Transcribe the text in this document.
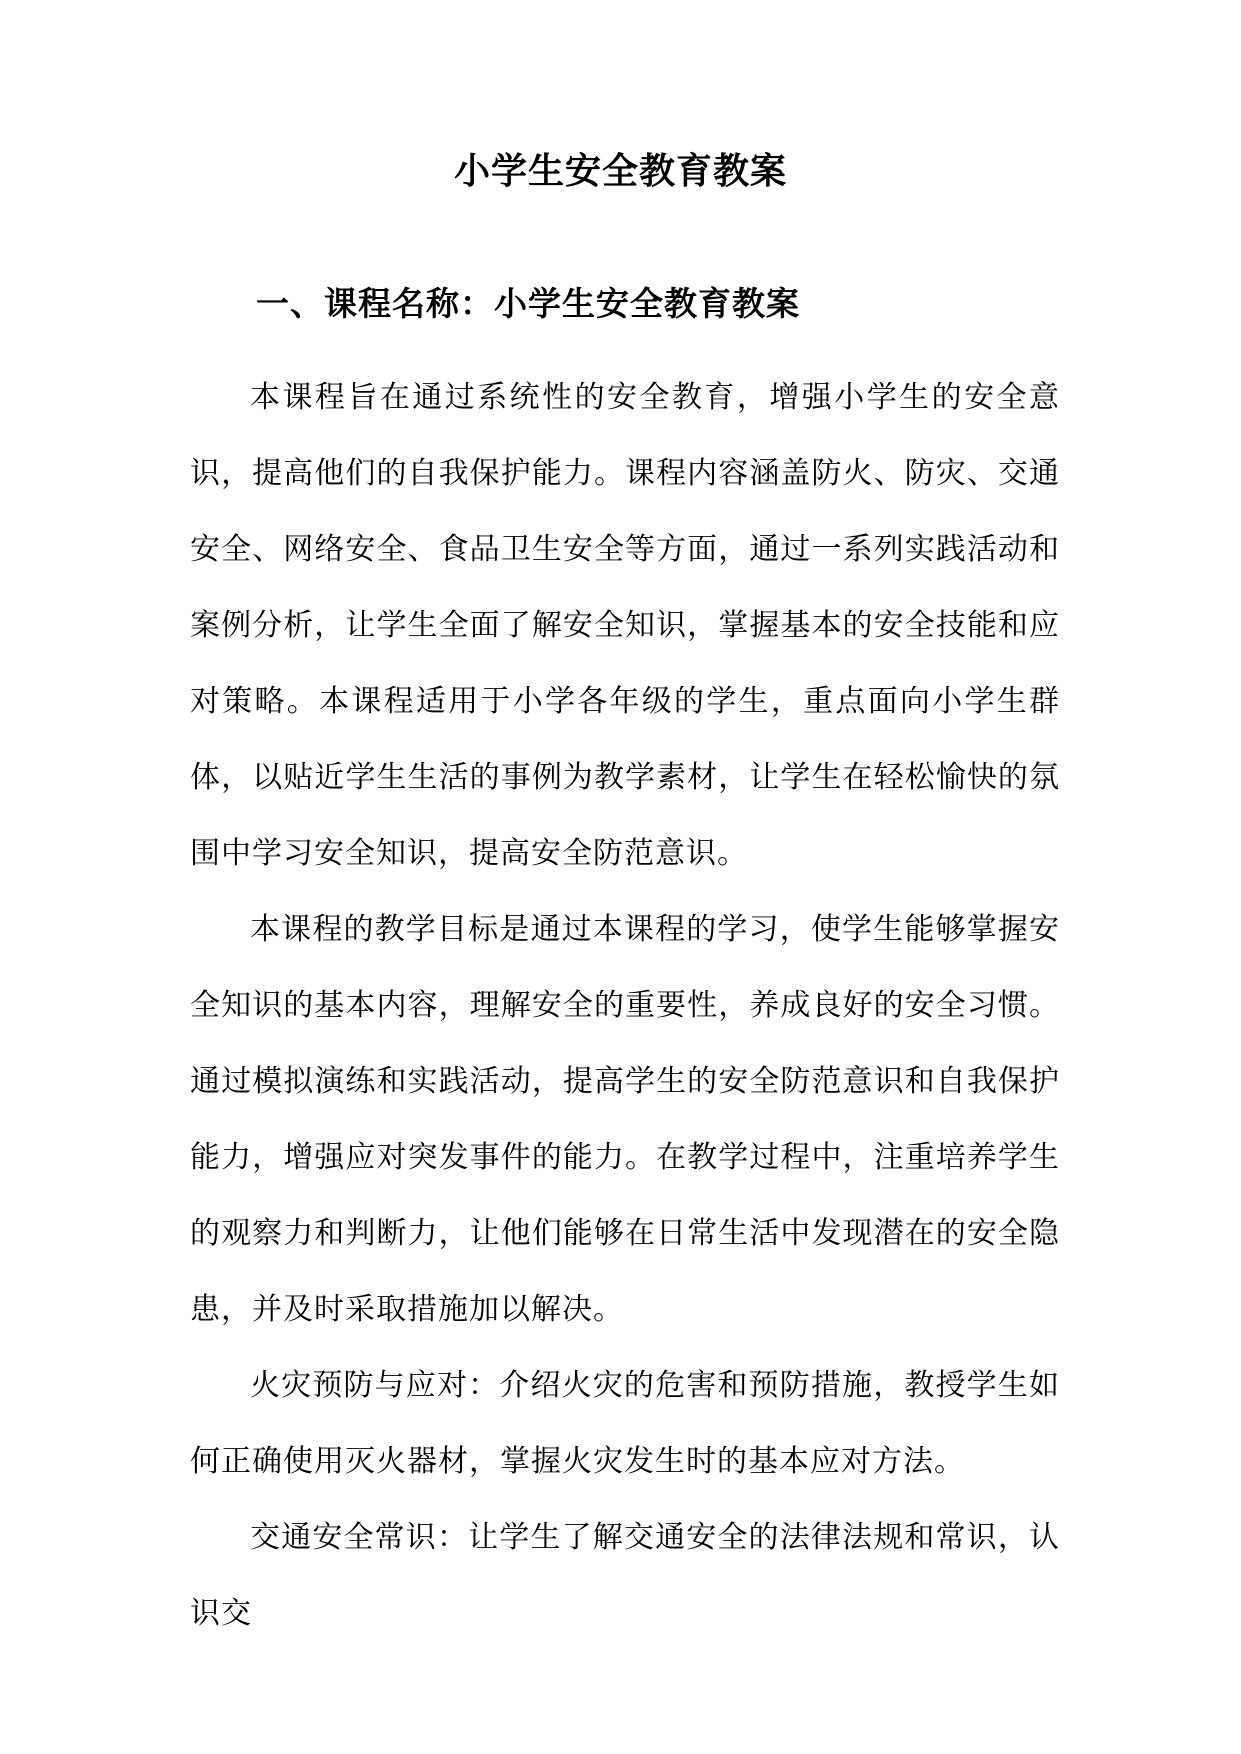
小学生安全教育教案
一、课程名称：小学生安全教育教案

本课程旨在通过系统性的安全教育，增强小学生的安全意识，提高他们的自我保护能力。课程内容涵盖防火、防灾、交通安全、网络安全、食品卫生安全等方面，通过一系列实践活动和案例分析，让学生全面了解安全知识，掌握基本的安全技能和应对策略。本课程适用于小学各年级的学生，重点面向小学生群体，以贴近学生生活的事例为教学素材，让学生在轻松愉快的氛围中学习安全知识，提高安全防范意识。

本课程的教学目标是通过本课程的学习，使学生能够掌握安全知识的基本内容，理解安全的重要性，养成良好的安全习惯。通过模拟演练和实践活动，提高学生的安全防范意识和自我保护能力，增强应对突发事件的能力。在教学过程中，注重培养学生的观察力和判断力，让他们能够在日常生活中发现潜在的安全隐患，并及时采取措施加以解决。

火灾预防与应对：介绍火灾的危害和预防措施，教授学生如何正确使用灭火器材，掌握火灾发生时的基本应对方法。

交通安全常识：让学生了解交通安全的法律法规和常识，认识交
